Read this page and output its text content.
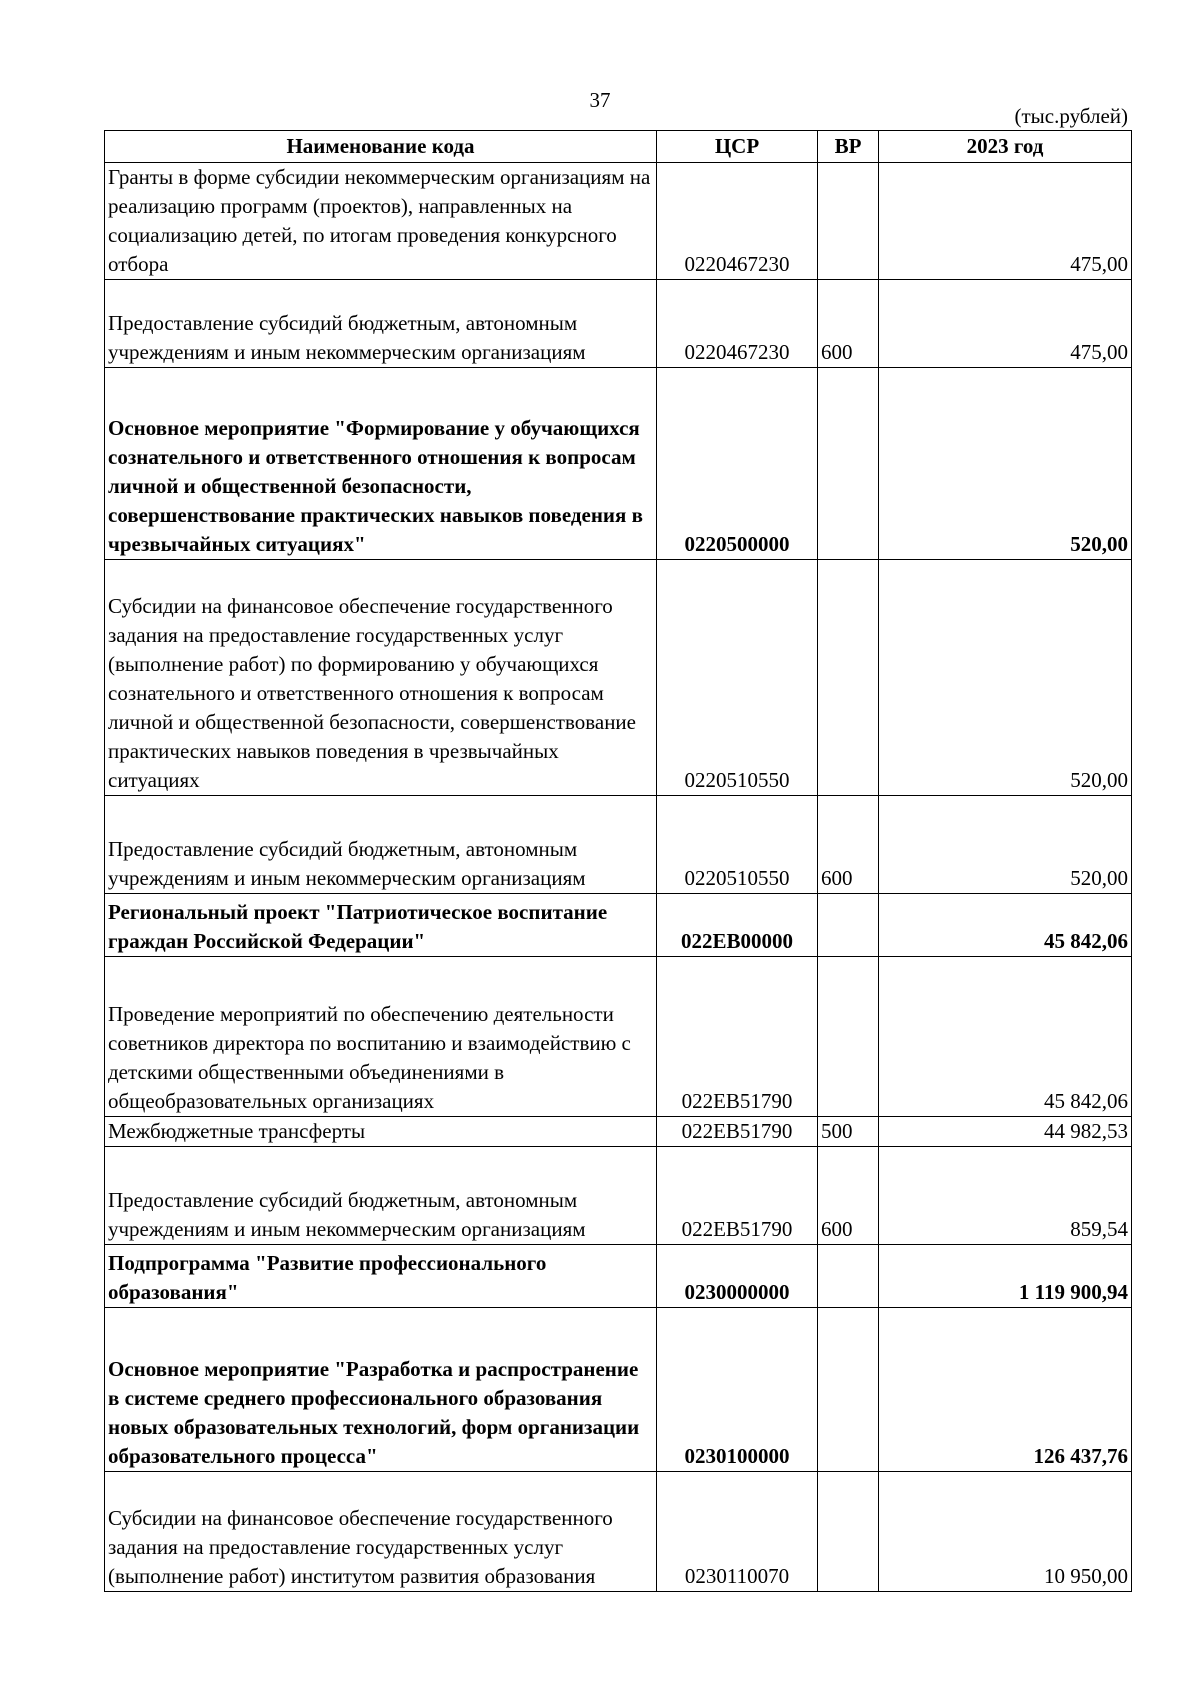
37
(тыс.рублей)
Наименование кода	ЦСР	ВР	2023 год
Гранты в форме субсидии некоммерческим организациям на реализацию программ (проектов), направленных на социализацию детей, по итогам проведения конкурсного отбора	0220467230		475,00
Предоставление субсидий бюджетным, автономным учреждениям и иным некоммерческим организациям	0220467230	600	475,00
Основное мероприятие "Формирование у обучающихся сознательного и ответственного отношения к вопросам личной и общественной безопасности, совершенствование практических навыков поведения в чрезвычайных ситуациях"	0220500000		520,00
Субсидии на финансовое обеспечение государственного задания на предоставление государственных услуг (выполнение работ) по формированию у обучающихся сознательного и ответственного отношения к вопросам личной и общественной безопасности, совершенствование практических навыков поведения в чрезвычайных ситуациях	0220510550		520,00
Предоставление субсидий бюджетным, автономным учреждениям и иным некоммерческим организациям	0220510550	600	520,00
Региональный проект "Патриотическое воспитание граждан Российской Федерации"	022EB00000		45 842,06
Проведение мероприятий по обеспечению деятельности советников директора по воспитанию и взаимодействию с детскими общественными объединениями в общеобразовательных организациях	022EB51790		45 842,06
Межбюджетные трансферты	022EB51790	500	44 982,53
Предоставление субсидий бюджетным, автономным учреждениям и иным некоммерческим организациям	022EB51790	600	859,54
Подпрограмма "Развитие профессионального образования"	0230000000		1 119 900,94
Основное мероприятие "Разработка и распространение в системе среднего профессионального образования новых образовательных технологий, форм организации образовательного процесса"	0230100000		126 437,76
Субсидии на финансовое обеспечение государственного задания на предоставление государственных услуг (выполнение работ) институтом развития образования	0230110070		10 950,00
